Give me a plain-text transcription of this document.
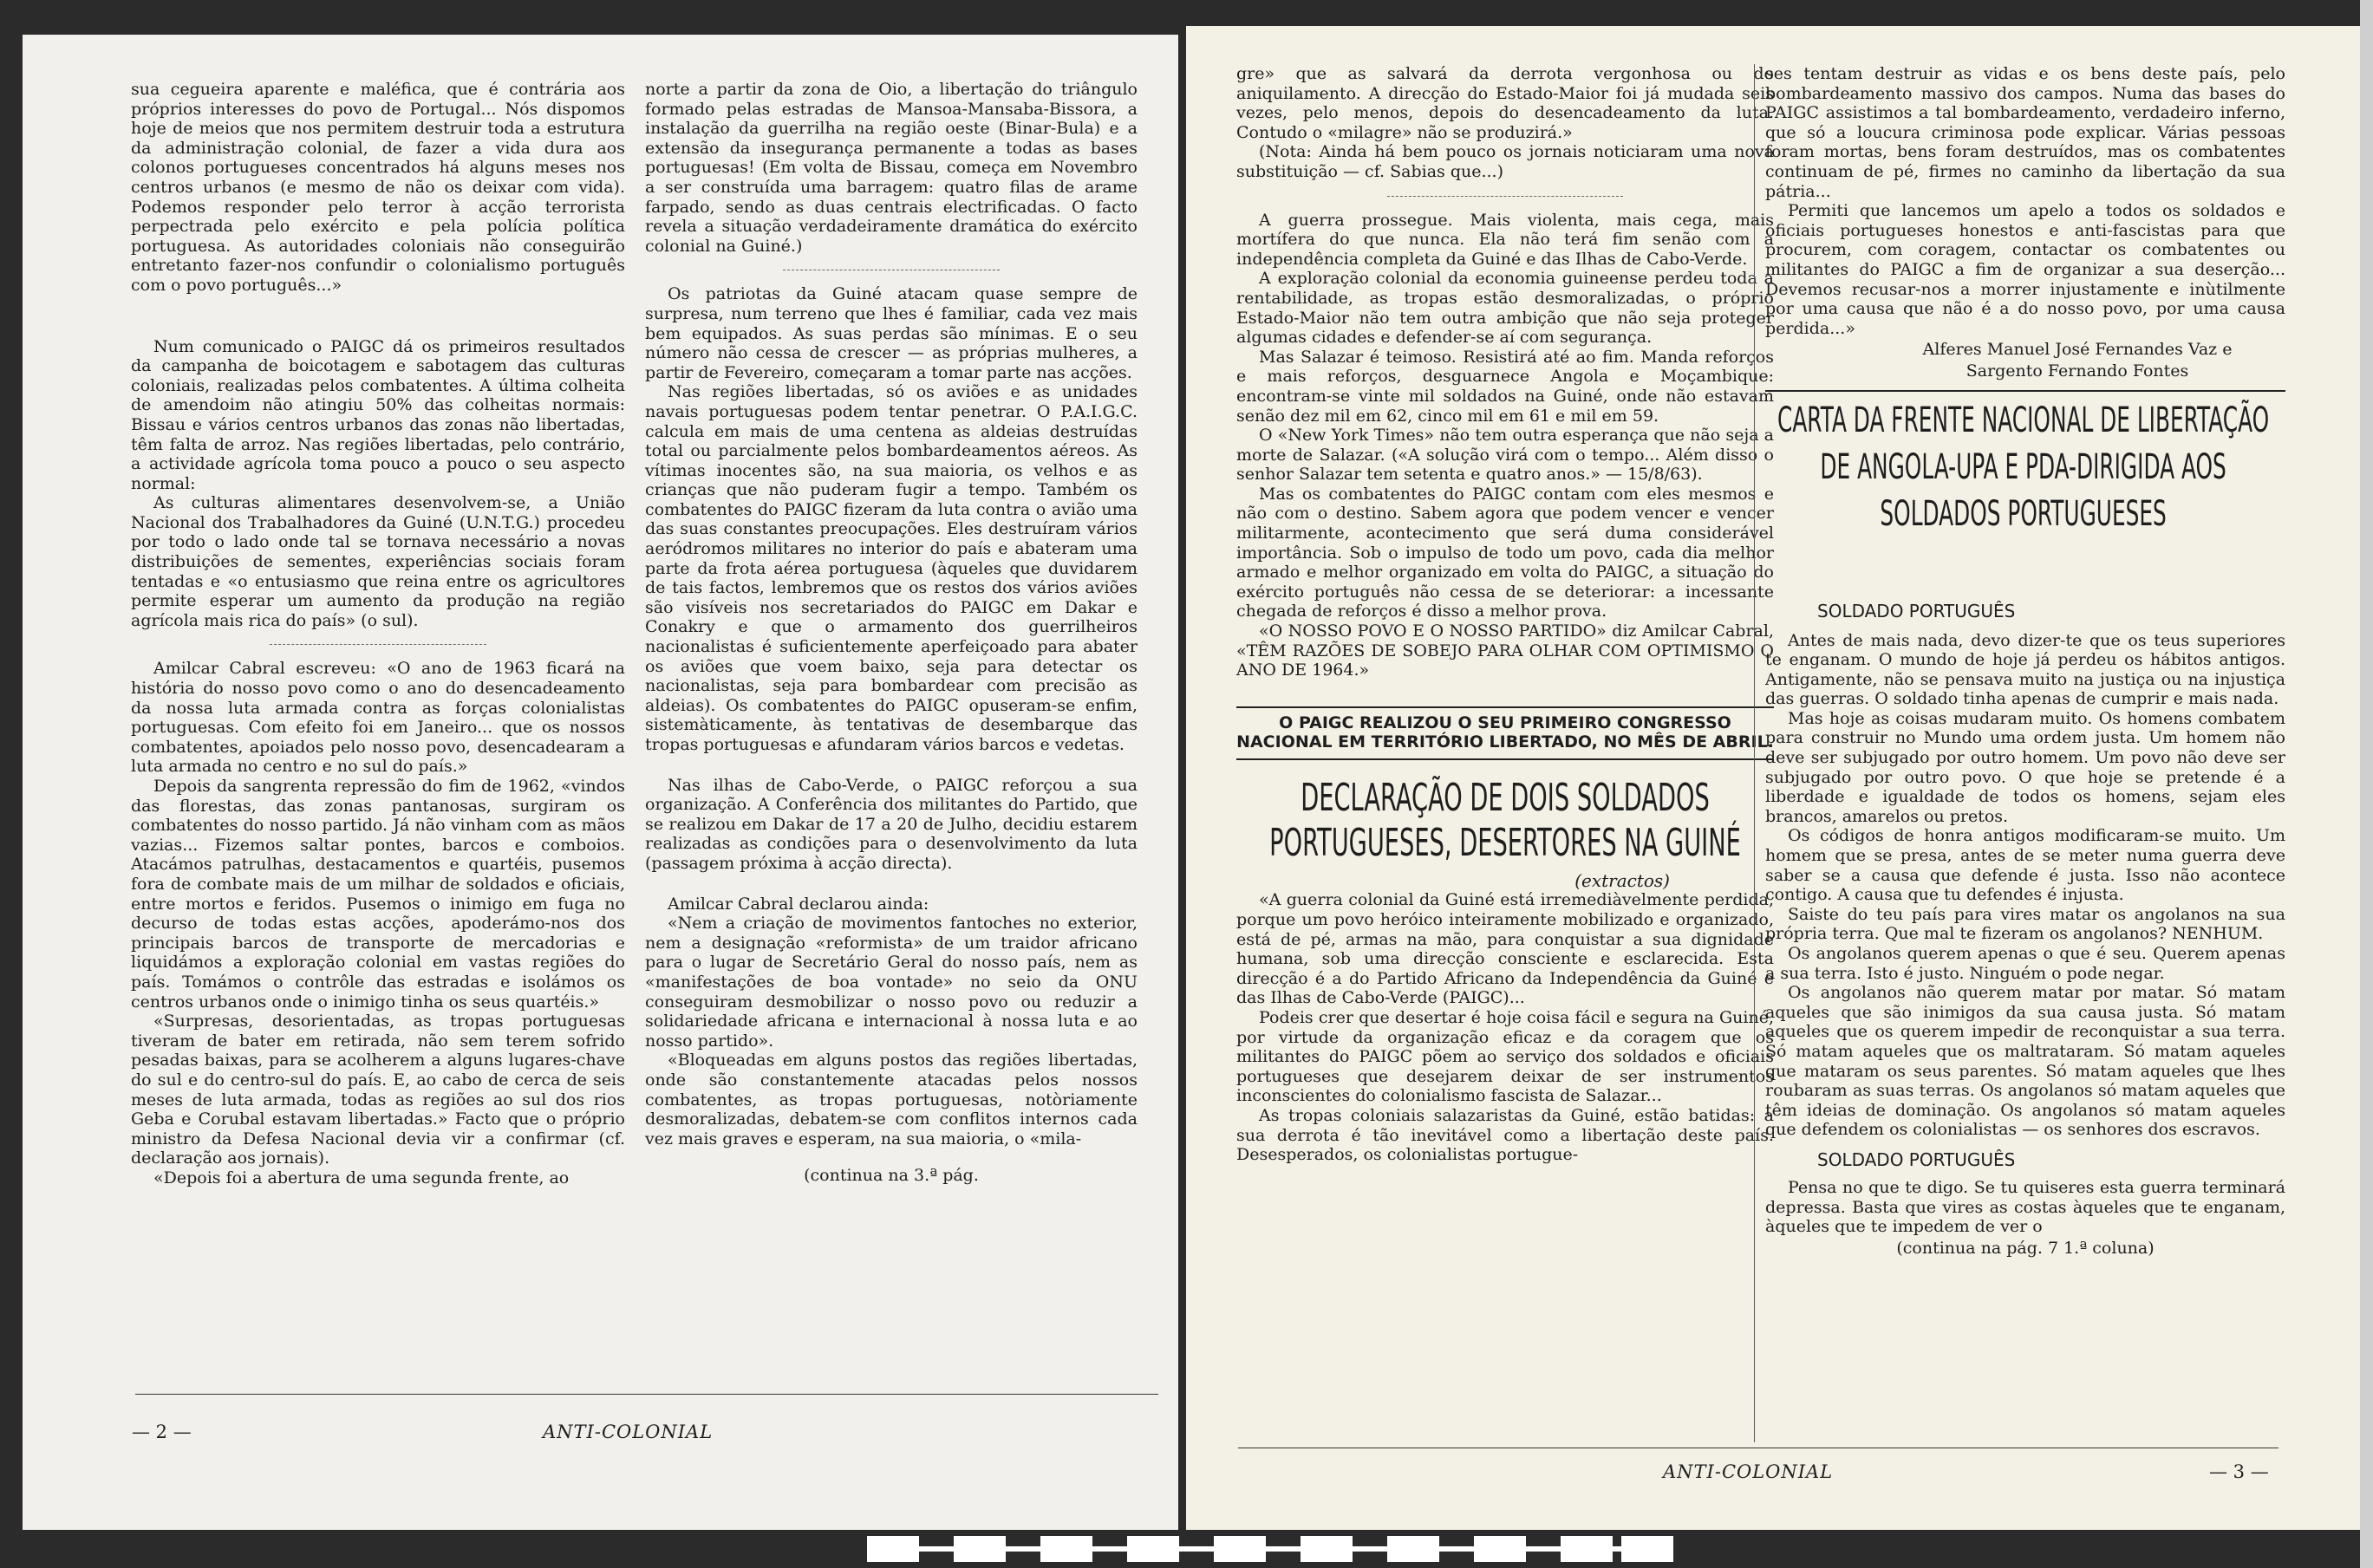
sua cegueira aparente e maléfica, que é contrária aos próprios interesses do povo de Portugal... Nós dispomos hoje de meios que nos permitem destruir toda a estrutura da administração colonial, de fazer a vida dura aos colonos portugueses concentrados há alguns meses nos centros urbanos (e mesmo de não os deixar com vida). Podemos responder pelo terror à acção terrorista perpectrada pelo exército e pela polícia política portuguesa. As autoridades coloniais não conseguirão entretanto fazer-nos confundir o colonialismo português com o povo português...»

Num comunicado o PAIGC dá os primeiros resultados da campanha de boicotagem e sabotagem das culturas coloniais, realizadas pelos combatentes. A última colheita de amendoim não atingiu 50% das colheitas normais: Bissau e vários centros urbanos das zonas não libertadas, têm falta de arroz. Nas regiões libertadas, pelo contrário, a actividade agrícola toma pouco a pouco o seu aspecto normal:

As culturas alimentares desenvolvem-se, a União Nacional dos Trabalhadores da Guiné (U.N.T.G.) procedeu por todo o lado onde tal se tornava necessário a novas distribuições de sementes, experiências sociais foram tentadas e «o entusiasmo que reina entre os agricultores permite esperar um aumento da produção na região agrícola mais rica do país» (o sul).

Amilcar Cabral escreveu: «O ano de 1963 ficará na história do nosso povo como o ano do desencadeamento da nossa luta armada contra as forças colonialistas portuguesas. Com efeito foi em Janeiro... que os nossos combatentes, apoiados pelo nosso povo, desencadearam a luta armada no centro e no sul do país.»

Depois da sangrenta repressão do fim de 1962, «vindos das florestas, das zonas pantanosas, surgiram os combatentes do nosso partido. Já não vinham com as mãos vazias... Fizemos saltar pontes, barcos e comboios. Atacámos patrulhas, destacamentos e quartéis, pusemos fora de combate mais de um milhar de soldados e oficiais, entre mortos e feridos. Pusemos o inimigo em fuga no decurso de todas estas acções, apoderámo-nos dos principais barcos de transporte de mercadorias e liquidámos a exploração colonial em vastas regiões do país. Tomámos o contrôle das estradas e isolámos os centros urbanos onde o inimigo tinha os seus quartéis.»

«Surpresas, desorientadas, as tropas portuguesas tiveram de bater em retirada, não sem terem sofrido pesadas baixas, para se acolherem a alguns lugares-chave do sul e do centro-sul do país. E, ao cabo de cerca de seis meses de luta armada, todas as regiões ao sul dos rios Geba e Corubal estavam libertadas.» Facto que o próprio ministro da Defesa Nacional devia vir a confirmar (cf. declaração aos jornais).

«Depois foi a abertura de uma segunda frente, ao

norte a partir da zona de Oio, a libertação do triângulo formado pelas estradas de Mansoa-Mansaba-Bissora, a instalação da guerrilha na região oeste (Binar-Bula) e a extensão da insegurança permanente a todas as bases portuguesas! (Em volta de Bissau, começa em Novembro a ser construída uma barragem: quatro filas de arame farpado, sendo as duas centrais electrificadas. O facto revela a situação verdadeiramente dramática do exército colonial na Guiné.)

Os patriotas da Guiné atacam quase sempre de surpresa, num terreno que lhes é familiar, cada vez mais bem equipados. As suas perdas são mínimas. E o seu número não cessa de crescer — as próprias mulheres, a partir de Fevereiro, começaram a tomar parte nas acções.

Nas regiões libertadas, só os aviões e as unidades navais portuguesas podem tentar penetrar. O P.A.I.G.C. calcula em mais de uma centena as aldeias destruídas total ou parcialmente pelos bombardeamentos aéreos. As vítimas inocentes são, na sua maioria, os velhos e as crianças que não puderam fugir a tempo. Também os combatentes do PAIGC fizeram da luta contra o avião uma das suas constantes preocupações. Eles destruíram vários aeródromos militares no interior do país e abateram uma parte da frota aérea portuguesa (àqueles que duvidarem de tais factos, lembremos que os restos dos vários aviões são visíveis nos secretariados do PAIGC em Dakar e Conakry e que o armamento dos guerrilheiros nacionalistas é suficientemente aperfeiçoado para abater os aviões que voem baixo, seja para detectar os nacionalistas, seja para bombardear com precisão as aldeias). Os combatentes do PAIGC opuseram-se enfim, sistemàticamente, às tentativas de desembarque das tropas portuguesas e afundaram vários barcos e vedetas.

Nas ilhas de Cabo-Verde, o PAIGC reforçou a sua organização. A Conferência dos militantes do Partido, que se realizou em Dakar de 17 a 20 de Julho, decidiu estarem realizadas as condições para o desenvolvimento da luta (passagem próxima à acção directa).

Amilcar Cabral declarou ainda:

«Nem a criação de movimentos fantoches no exterior, nem a designação «reformista» de um traidor africano para o lugar de Secretário Geral do nosso país, nem as «manifestações de boa vontade» no seio da ONU conseguiram desmobilizar o nosso povo ou reduzir a solidariedade africana e internacional à nossa luta e ao nosso partido».

«Bloqueadas em alguns postos das regiões libertadas, onde são constantemente atacadas pelos nossos combatentes, as tropas portuguesas, notòriamente desmoralizadas, debatem-se com conflitos internos cada vez mais graves e esperam, na sua maioria, o «mila-

(continua na 3.ª pág.
— 2 —	ANTI-COLONIAL

gre» que as salvará da derrota vergonhosa ou do aniquilamento. A direcção do Estado-Maior foi já mudada seis vezes, pelo menos, depois do desencadeamento da luta. Contudo o «milagre» não se produzirá.»

(Nota: Ainda há bem pouco os jornais noticiaram uma nova substituição — cf. Sabias que...)

A guerra prossegue. Mais violenta, mais cega, mais mortífera do que nunca. Ela não terá fim senão com a independência completa da Guiné e das Ilhas de Cabo-Verde.

A exploração colonial da economia guineense perdeu toda a rentabilidade, as tropas estão desmoralizadas, o próprio Estado-Maior não tem outra ambição que não seja proteger algumas cidades e defender-se aí com segurança.

Mas Salazar é teimoso. Resistirá até ao fim. Manda reforços e mais reforços, desguarnece Angola e Moçambique: encontram-se vinte mil soldados na Guiné, onde não estavam senão dez mil em 62, cinco mil em 61 e mil em 59.

O «New York Times» não tem outra esperança que não seja a morte de Salazar. («A solução virá com o tempo... Além disso o senhor Salazar tem setenta e quatro anos.» — 15/8/63).

Mas os combatentes do PAIGC contam com eles mesmos e não com o destino. Sabem agora que podem vencer e vencer militarmente, acontecimento que será duma considerável importância. Sob o impulso de todo um povo, cada dia melhor armado e melhor organizado em volta do PAIGC, a situação do exército português não cessa de se deteriorar: a incessante chegada de reforços é disso a melhor prova.

«O NOSSO POVO E O NOSSO PARTIDO» diz Amilcar Cabral, «TÊM RAZÕES DE SOBEJO PARA OLHAR COM OPTIMISMO O ANO DE 1964.»

O PAIGC REALIZOU O SEU PRIMEIRO CONGRESSO NACIONAL EM TERRITÓRIO LIBERTADO, NO MÊS DE ABRIL.
DECLARAÇÃO DE DOIS SOLDADOS PORTUGUESES, DESERTORES NA GUINÉ
(extractos)

«A guerra colonial da Guiné está irremediàvelmente perdida, porque um povo heróico inteiramente mobilizado e organizado, está de pé, armas na mão, para conquistar a sua dignidade humana, sob uma direcção consciente e esclarecida. Esta direcção é a do Partido Africano da Independência da Guiné e das Ilhas de Cabo-Verde (PAIGC)...

Podeis crer que desertar é hoje coisa fácil e segura na Guiné, por virtude da organização eficaz e da coragem que os militantes do PAIGC põem ao serviço dos soldados e oficiais portugueses que desejarem deixar de ser instrumentos inconscientes do colonialismo fascista de Salazar...

As tropas coloniais salazaristas da Guiné, estão batidas: a sua derrota é tão inevitável como a libertação deste país. Desesperados, os colonialistas portugue-

ses tentam destruir as vidas e os bens deste país, pelo bombardeamento massivo dos campos. Numa das bases do PAIGC assistimos a tal bombardeamento, verdadeiro inferno, que só a loucura criminosa pode explicar. Várias pessoas foram mortas, bens foram destruídos, mas os combatentes continuam de pé, firmes no caminho da libertação da sua pátria...

Permiti que lancemos um apelo a todos os soldados e oficiais portugueses honestos e anti-fascistas para que procurem, com coragem, contactar os combatentes ou militantes do PAIGC a fim de organizar a sua deserção... Devemos recusar-nos a morrer injustamente e inùtilmente por uma causa que não é a do nosso povo, por uma causa perdida...»

Alferes Manuel José Fernandes Vaz e
Sargento Fernando Fontes
CARTA DA FRENTE NACIONAL DE LIBERTAÇÃO DE ANGOLA-UPA E PDA-DIRIGIDA AOS SOLDADOS PORTUGUESES
SOLDADO PORTUGUÊS

Antes de mais nada, devo dizer-te que os teus superiores te enganam. O mundo de hoje já perdeu os hábitos antigos. Antigamente, não se pensava muito na justiça ou na injustiça das guerras. O soldado tinha apenas de cumprir e mais nada.

Mas hoje as coisas mudaram muito. Os homens combatem para construir no Mundo uma ordem justa. Um homem não deve ser subjugado por outro homem. Um povo não deve ser subjugado por outro povo. O que hoje se pretende é a liberdade e igualdade de todos os homens, sejam eles brancos, amarelos ou pretos.

Os códigos de honra antigos modificaram-se muito. Um homem que se presa, antes de se meter numa guerra deve saber se a causa que defende é justa. Isso não acontece contigo. A causa que tu defendes é injusta.

Saiste do teu país para vires matar os angolanos na sua própria terra. Que mal te fizeram os angolanos? NENHUM.

Os angolanos querem apenas o que é seu. Querem apenas a sua terra. Isto é justo. Ninguém o pode negar.

Os angolanos não querem matar por matar. Só matam aqueles que são inimigos da sua causa justa. Só matam aqueles que os querem impedir de reconquistar a sua terra. Só matam aqueles que os maltrataram. Só matam aqueles que mataram os seus parentes. Só matam aqueles que lhes roubaram as suas terras. Os angolanos só matam aqueles que têm ideias de dominação. Os angolanos só matam aqueles que defendem os colonialistas — os senhores dos escravos.

SOLDADO PORTUGUÊS

Pensa no que te digo. Se tu quiseres esta guerra terminará depressa. Basta que vires as costas àqueles que te enganam, àqueles que te impedem de ver o

(continua na pág. 7 1.ª coluna)
ANTI-COLONIAL	— 3 —
